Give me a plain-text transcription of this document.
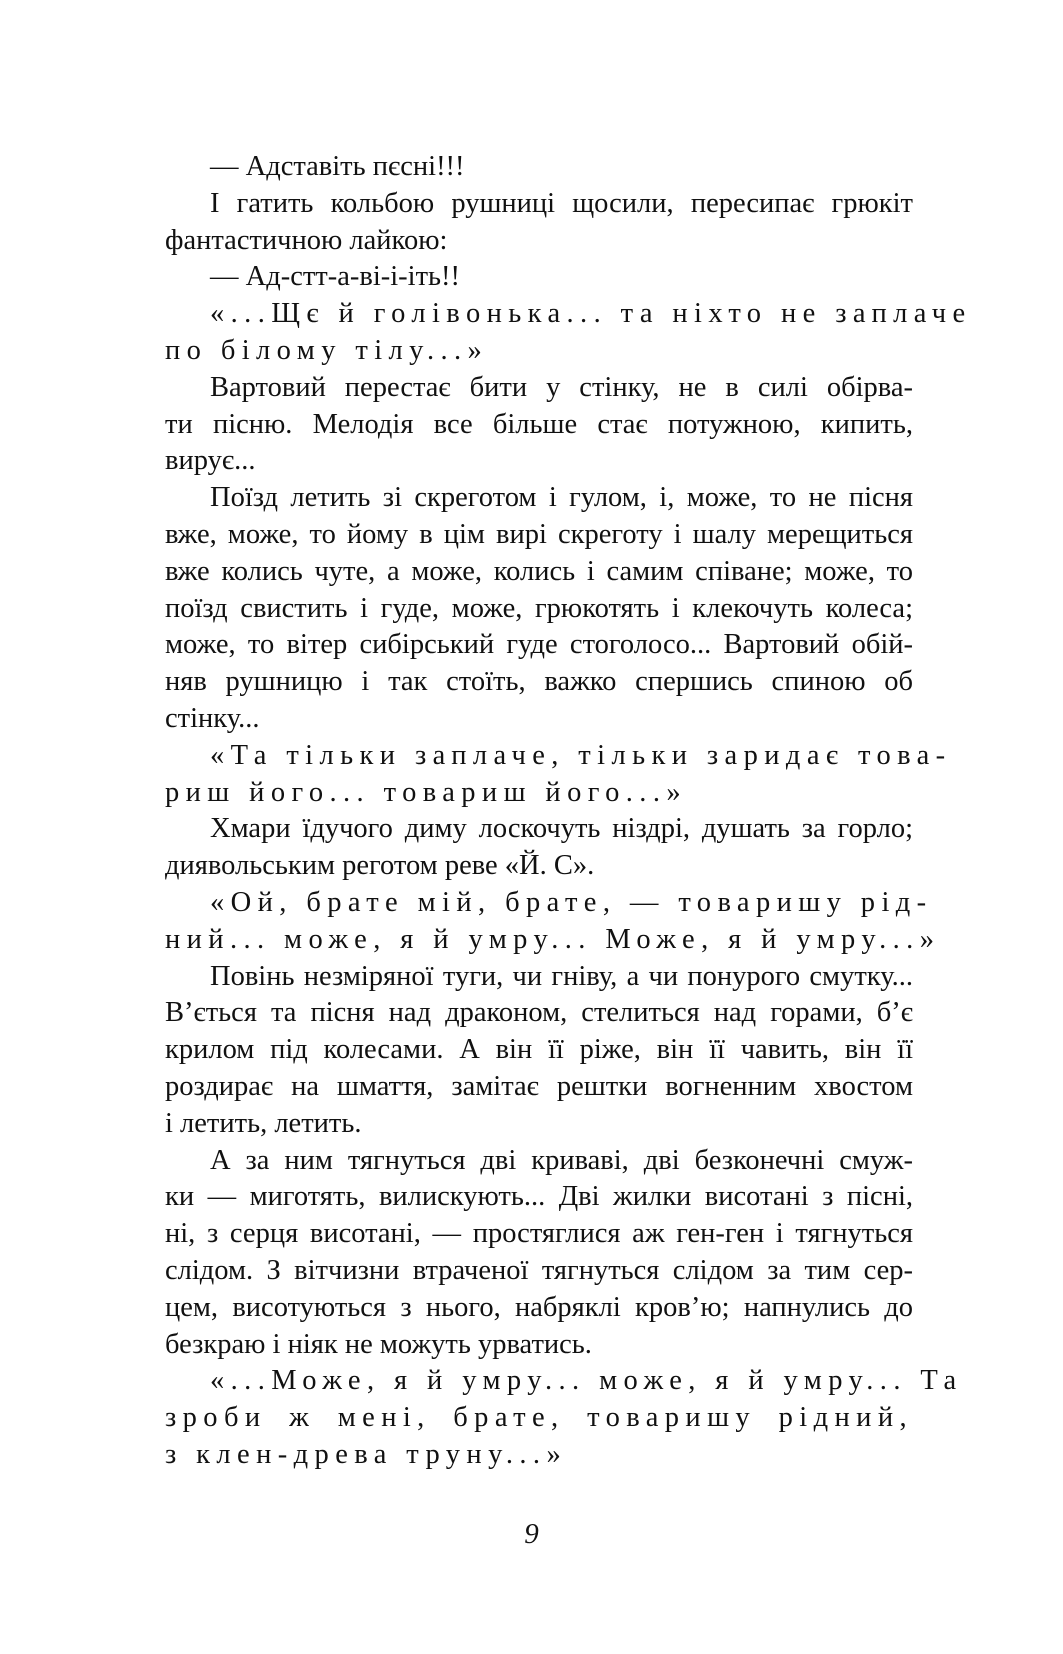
— Адставіть пєсні!!!

І гатить кольбою рушниці щосили, пересипає грюкіт
фантастичною лайкою:

— Ад-стт-а-ві-і-іть!!

«...Щє й голівонька... та ніхто не заплаче
по білому тілу...»

Вартовий перестає бити у стінку, не в силі обірва-
ти пісню. Мелодія все більше стає потужною, кипить,
вирує...

Поїзд летить зі скреготом і гулом, і, може, то не пісня
вже, може, то йому в цім вирі скреготу і шалу мерещиться
вже колись чуте, а може, колись і самим співане; може, то
поїзд свистить і гуде, може, грюкотять і клекочуть колеса;
може, то вітер сибірський гуде стоголосо... Вартовий обій-
няв рушницю і так стоїть, важко спершись спиною об
стінку...

«Та тільки заплаче, тільки заридає това-
риш його... товариш його...»

Хмари їдучого диму лоскочуть ніздрі, душать за горло;
диявольським реготом реве «Й. С».

«Ой, брате мій, брате, — товаришу рід-
ний... може, я й умру... Може, я й умру...»

Повінь незміряної туги, чи гніву, а чи понурого смутку...
В’ється та пісня над драконом, стелиться над горами, б’є
крилом під колесами. А він її ріже, він її чавить, він її
роздирає на шмаття, замітає рештки вогненним хвостом
і летить, летить.

А за ним тягнуться дві криваві, дві безконечні смуж-
ки — миготять, вилискують... Дві жилки висотані з пісні,
ні, з серця висотані, — простяглися аж ген-ген і тягнуться
слідом. З вітчизни втраченої тягнуться слідом за тим сер-
цем, висотуються з нього, набряклі кров’ю; напнулись до
безкраю і ніяк не можуть урватись.

«...Може, я й умру... може, я й умру... Та
зроби ж мені, брате, товаришу рідний,
з клен-древа труну...»

9
